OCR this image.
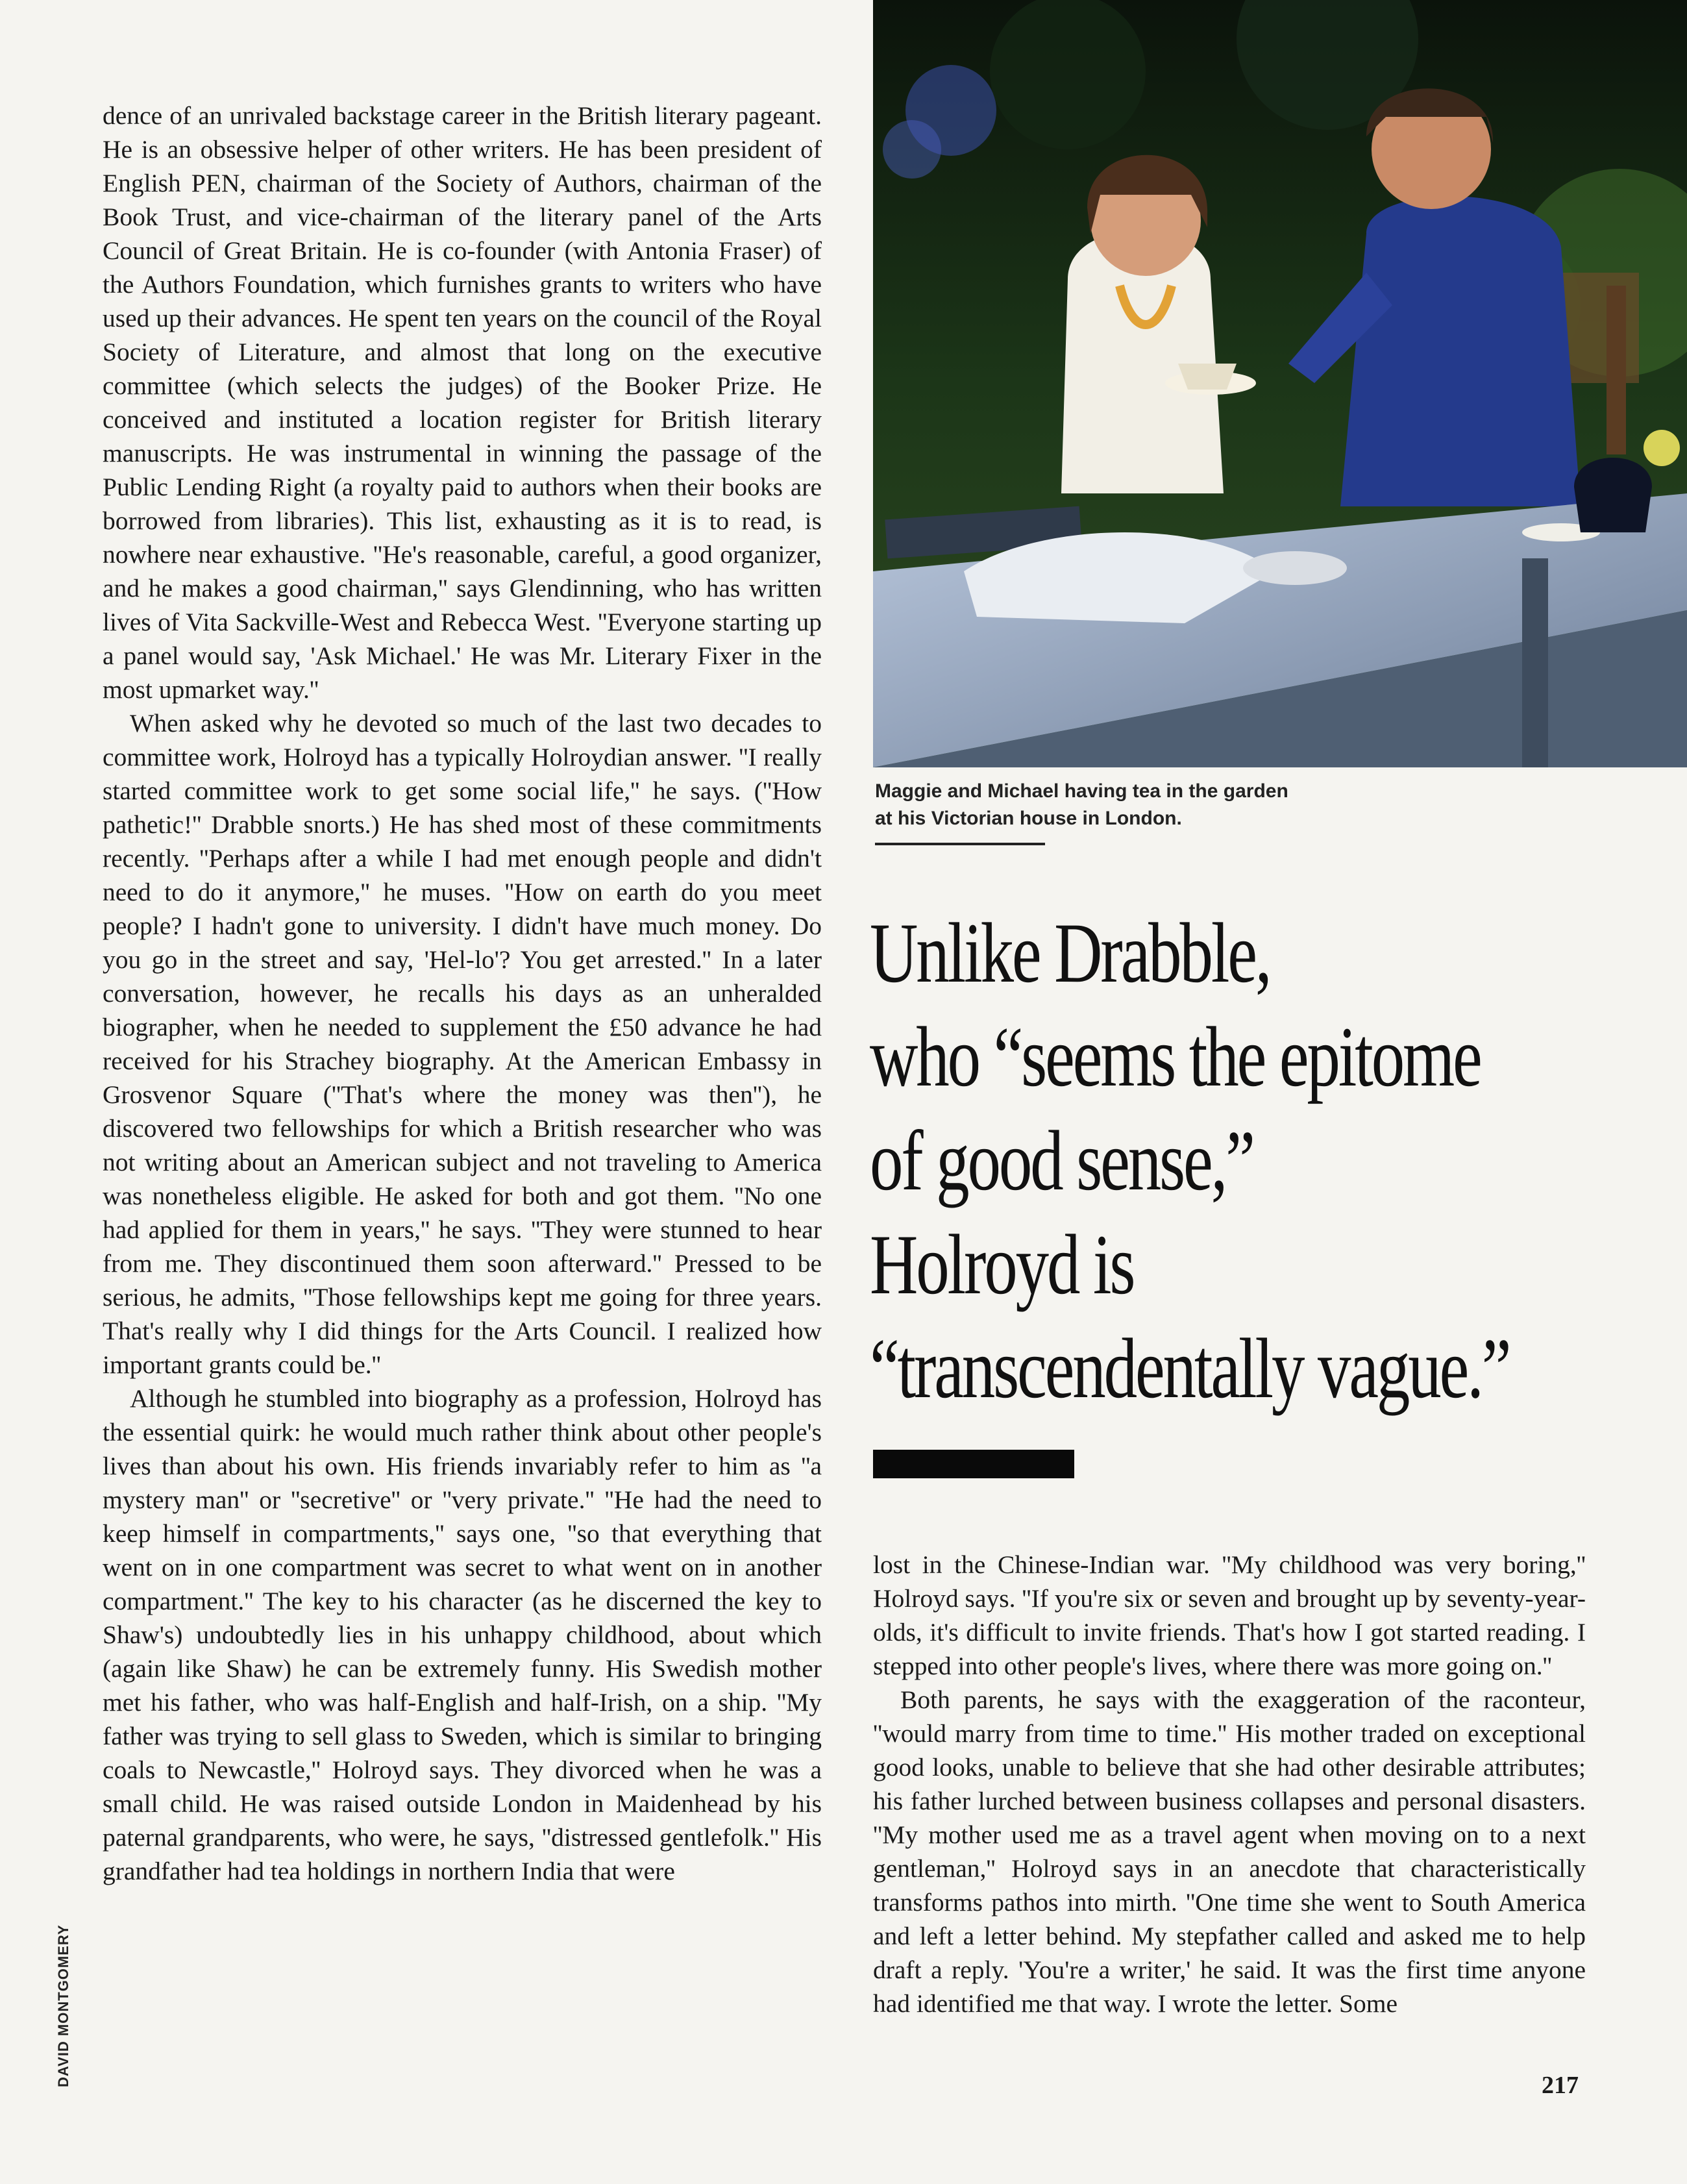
Maggie and Michael having tea in the garden
at his Victorian house in London.
Unlike Drabble,
who “seems the epitome
of good sense,”
Holroyd is
“transcendentally vague.”

dence of an unrivaled backstage career in the British literary pageant. He is an obsessive helper of other writers. He has been president of English PEN, chairman of the Society of Authors, chairman of the Book Trust, and vice-chairman of the literary panel of the Arts Council of Great Britain. He is co-founder (with Antonia Fraser) of the Authors Foundation, which furnishes grants to writers who have used up their advances. He spent ten years on the council of the Royal Society of Literature, and almost that long on the executive committee (which selects the judges) of the Booker Prize. He conceived and instituted a location register for British literary manuscripts. He was instrumental in winning the passage of the Public Lending Right (a royalty paid to authors when their books are borrowed from libraries). This list, exhausting as it is to read, is nowhere near exhaustive. ''He's reasonable, careful, a good organizer, and he makes a good chairman,'' says Glendinning, who has written lives of Vita Sackville-West and Rebecca West. ''Everyone starting up a panel would say, 'Ask Michael.' He was Mr. Literary Fixer in the most upmarket way.''

When asked why he devoted so much of the last two decades to committee work, Holroyd has a typically Holroydian answer. ''I really started committee work to get some social life,'' he says. (''How pathetic!'' Drabble snorts.) He has shed most of these commitments recently. ''Perhaps after a while I had met enough people and didn't need to do it anymore,'' he muses. ''How on earth do you meet people? I hadn't gone to university. I didn't have much money. Do you go in the street and say, 'Hel-lo'? You get arrested.'' In a later conversation, however, he recalls his days as an unheralded biographer, when he needed to supplement the £50 advance he had received for his Strachey biography. At the American Embassy in Grosvenor Square (''That's where the money was then''), he discovered two fellowships for which a British researcher who was not writing about an American subject and not traveling to America was nonetheless eligible. He asked for both and got them. ''No one had applied for them in years,'' he says. ''They were stunned to hear from me. They discontinued them soon afterward.'' Pressed to be serious, he admits, ''Those fellowships kept me going for three years. That's really why I did things for the Arts Council. I realized how important grants could be.''

Although he stumbled into biography as a profession, Holroyd has the essential quirk: he would much rather think about other people's lives than about his own. His friends invariably refer to him as ''a mystery man'' or ''secretive'' or ''very private.'' ''He had the need to keep himself in compartments,'' says one, ''so that everything that went on in one compartment was secret to what went on in another compartment.'' The key to his character (as he discerned the key to Shaw's) undoubtedly lies in his unhappy childhood, about which (again like Shaw) he can be extremely funny. His Swedish mother met his father, who was half-English and half-Irish, on a ship. ''My father was trying to sell glass to Sweden, which is similar to bringing coals to Newcastle,'' Holroyd says. They divorced when he was a small child. He was raised outside London in Maidenhead by his paternal grandparents, who were, he says, ''distressed gentlefolk.'' His grandfather had tea holdings in northern India that were

lost in the Chinese-Indian war. ''My childhood was very boring,'' Holroyd says. ''If you're six or seven and brought up by seventy-year-olds, it's difficult to invite friends. That's how I got started reading. I stepped into other people's lives, where there was more going on.''

Both parents, he says with the exaggeration of the raconteur, ''would marry from time to time.'' His mother traded on exceptional good looks, unable to believe that she had other desirable attributes; his father lurched between business collapses and personal disasters. ''My mother used me as a travel agent when moving on to a next gentleman,'' Holroyd says in an anecdote that characteristically transforms pathos into mirth. ''One time she went to South America and left a letter behind. My stepfather called and asked me to help draft a reply. 'You're a writer,' he said. It was the first time anyone had identified me that way. I wrote the letter. Some

DAVID MONTGOMERY	217
